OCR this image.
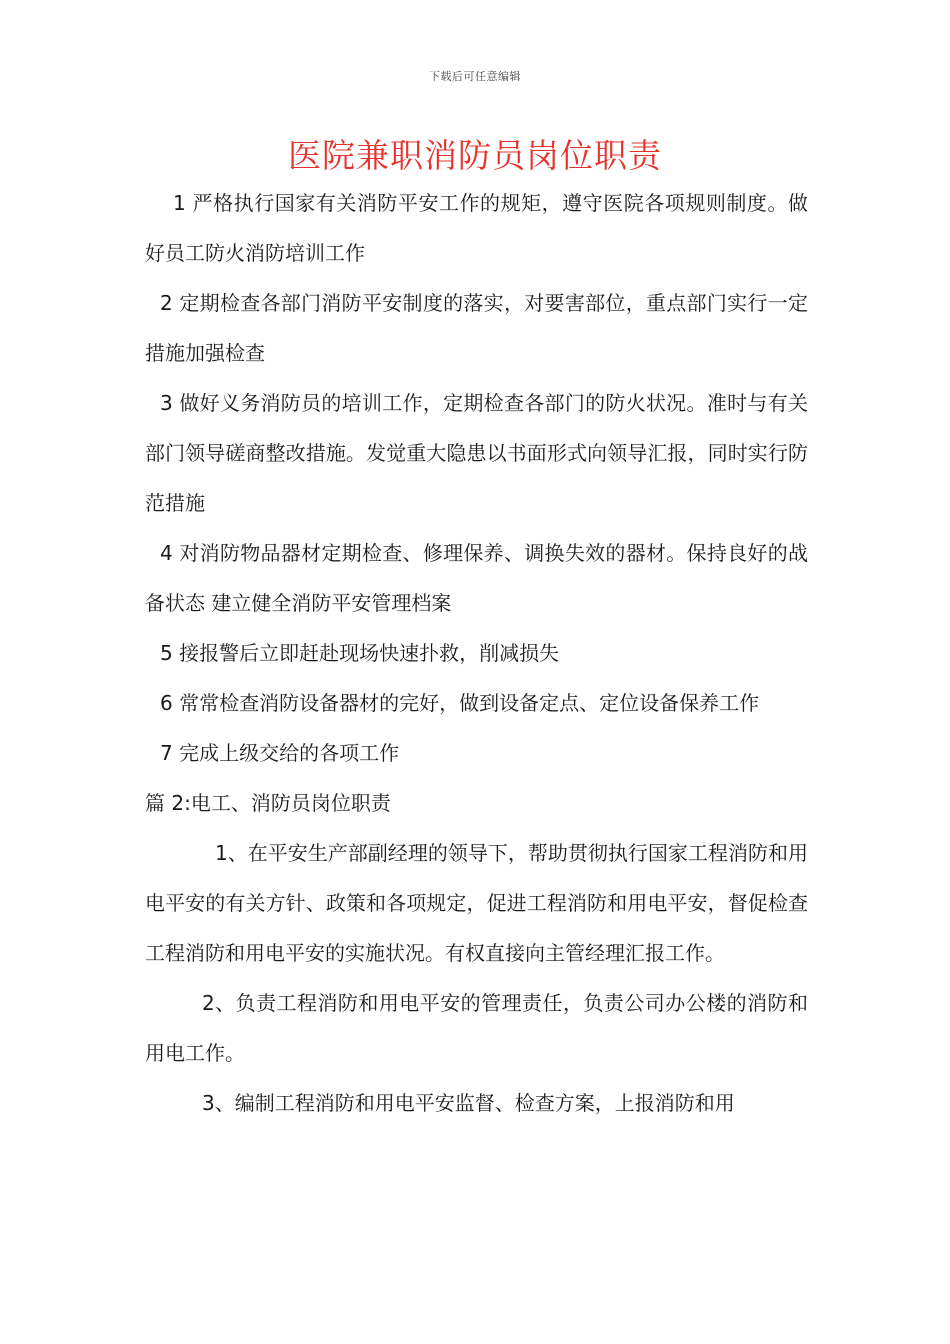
下载后可任意编辑
医院兼职消防员岗位职责

1 严格执行国家有关消防平安工作的规矩，遵守医院各项规则制度。做好员工防火消防培训工作

2 定期检查各部门消防平安制度的落实，对要害部位，重点部门实行一定措施加强检查

3 做好义务消防员的培训工作，定期检查各部门的防火状况。准时与有关部门领导磋商整改措施。发觉重大隐患以书面形式向领导汇报，同时实行防范措施

4 对消防物品器材定期检查、修理保养、调换失效的器材。保持良好的战备状态 建立健全消防平安管理档案

5 接报警后立即赶赴现场快速扑救，削减损失

6 常常检查消防设备器材的完好，做到设备定点、定位设备保养工作

7 完成上级交给的各项工作

篇 2:电工、消防员岗位职责

1、在平安生产部副经理的领导下，帮助贯彻执行国家工程消防和用电平安的有关方针、政策和各项规定，促进工程消防和用电平安，督促检查工程消防和用电平安的实施状况。有权直接向主管经理汇报工作。

2、负责工程消防和用电平安的管理责任，负责公司办公楼的消防和用电工作。

3、编制工程消防和用电平安监督、检查方案，上报消防和用
